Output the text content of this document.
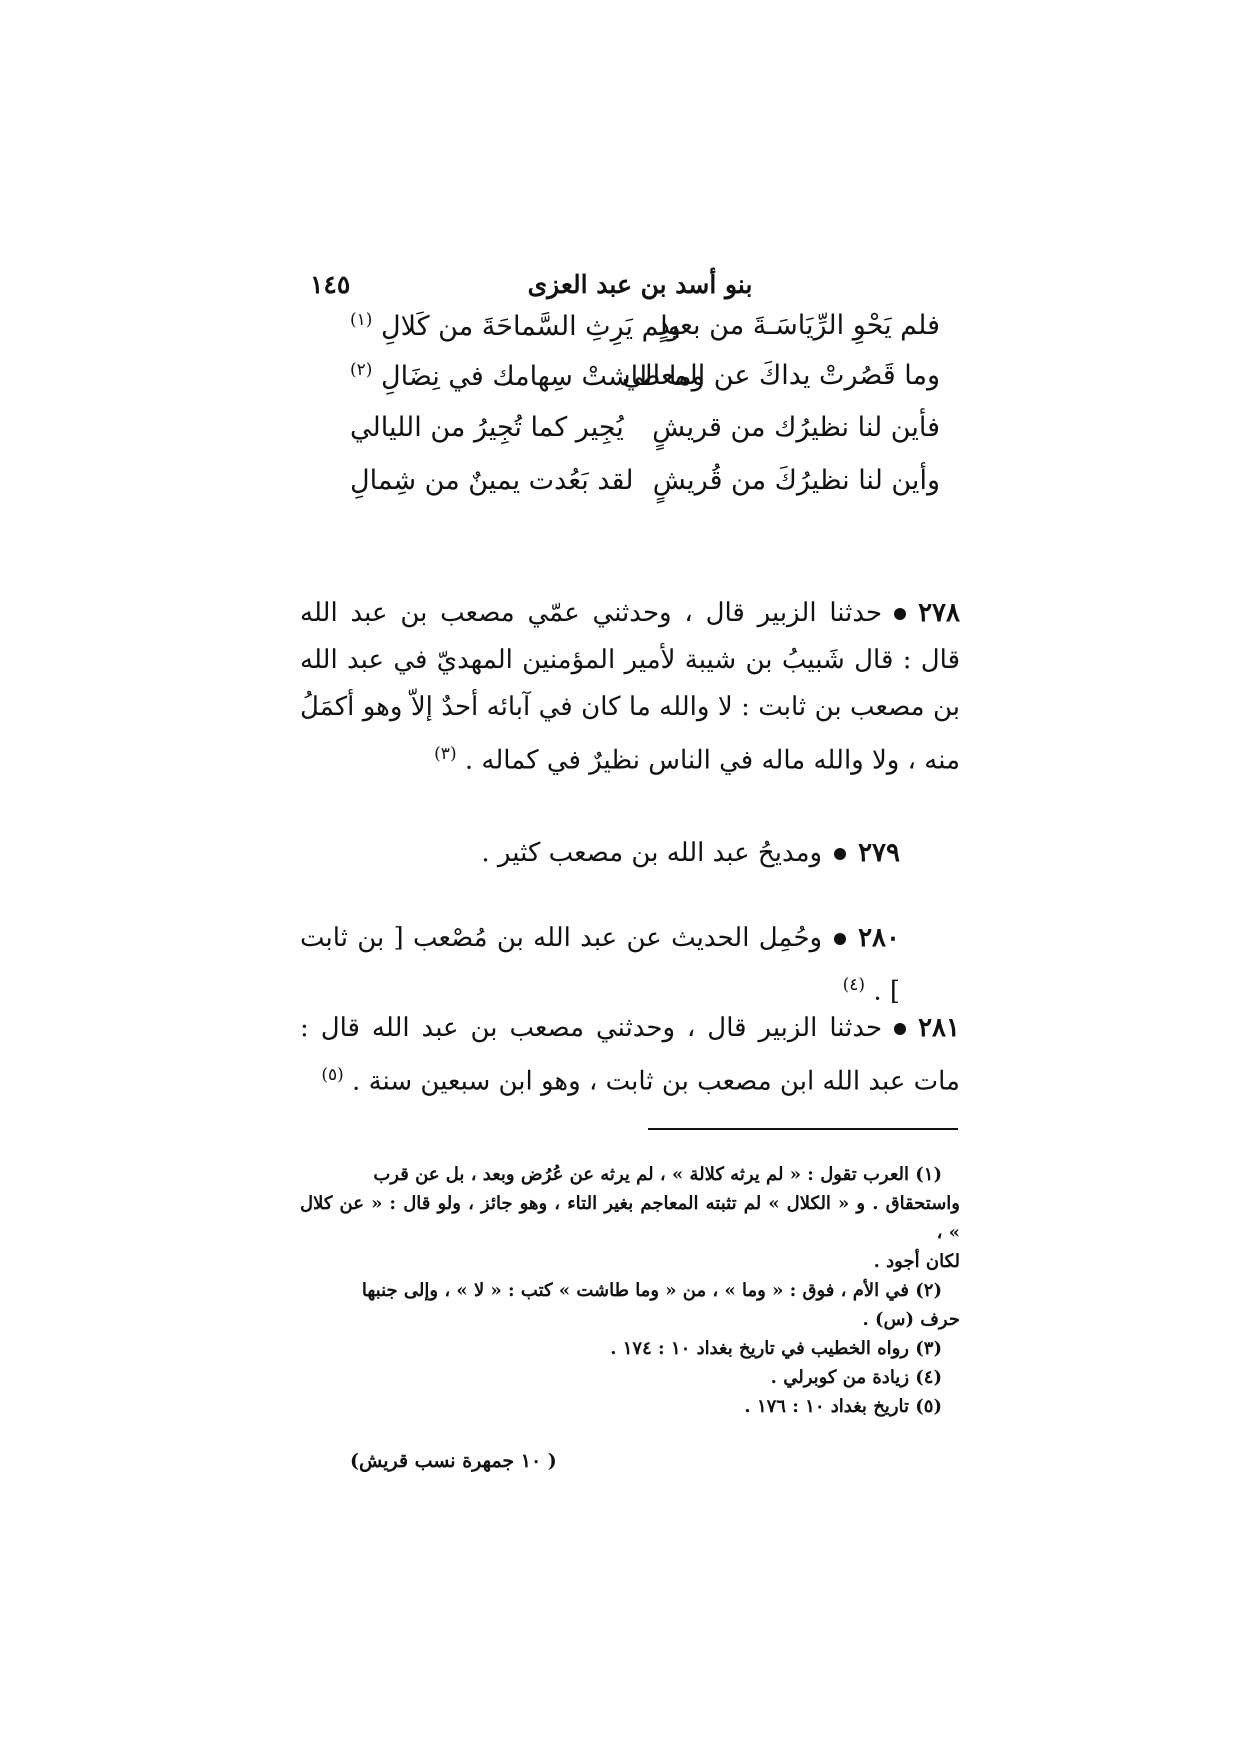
بنو أسد بن عبد العزى
١٤٥
فلم يَحْوِ الرِّيَاسَـةَ من بعيدٍ
ولم يَرِثِ السَّماحَةَ من كَلالِ $^{(١)}$
وما قَصُرتْ يداكَ عن المعالي
وما طاشتْ سِهامك في نِضَالِ $^{(٢)}$
فأين لنا نظيرُك من قريشٍ
يُجِير كما تُجِيرُ من الليالي
وأين لنا نظيرُكَ من قُريشٍ
لقد بَعُدت يمينٌ من شِمالِ
٢٧٨حدثنا الزبير قال ، وحدثني عمّي مصعب بن عبد الله قال : قال شَبيبُ بن شيبة لأمير المؤمنين المهديّ في عبد الله بن مصعب بن ثابت : لا والله ما كان في آبائه أحدٌ إلاّ وهو أكمَلُ منه ، ولا والله ماله في الناس نظيرٌ في كماله . $^{(٣)}$
٢٧٩ومديحُ عبد الله بن مصعب كثير .
٢٨٠وحُمِل الحديث عن عبد الله بن مُصْعب [ بن ثابت ] . $^{(٤)}$
٢٨١حدثنا الزبير قال ، وحدثني مصعب بن عبد الله قال : مات عبد الله ابن مصعب بن ثابت ، وهو ابن سبعين سنة . $^{(٥)}$
(١) العرب تقول : « لم يرثه كلالة » ، لم يرثه عن عُرُض وبعد ، بل عن قرب
واستحقاق . و « الكلال » لم تثبته المعاجم بغير التاء ، وهو جائز ، ولو قال : « عن كلال » ،
لكان أجود .
(٢) في الأم ، فوق : « وما » ، من « وما طاشت » كتب : « لا » ، وإلى جنبها
حرف (س) .
(٣) رواه الخطيب في تاريخ بغداد ١٠ : ١٧٤ .
(٤) زيادة من كوبرلي .
(٥) تاريخ بغداد ١٠ : ١٧٦ .
( ١٠ جمهرة نسب قريش)
